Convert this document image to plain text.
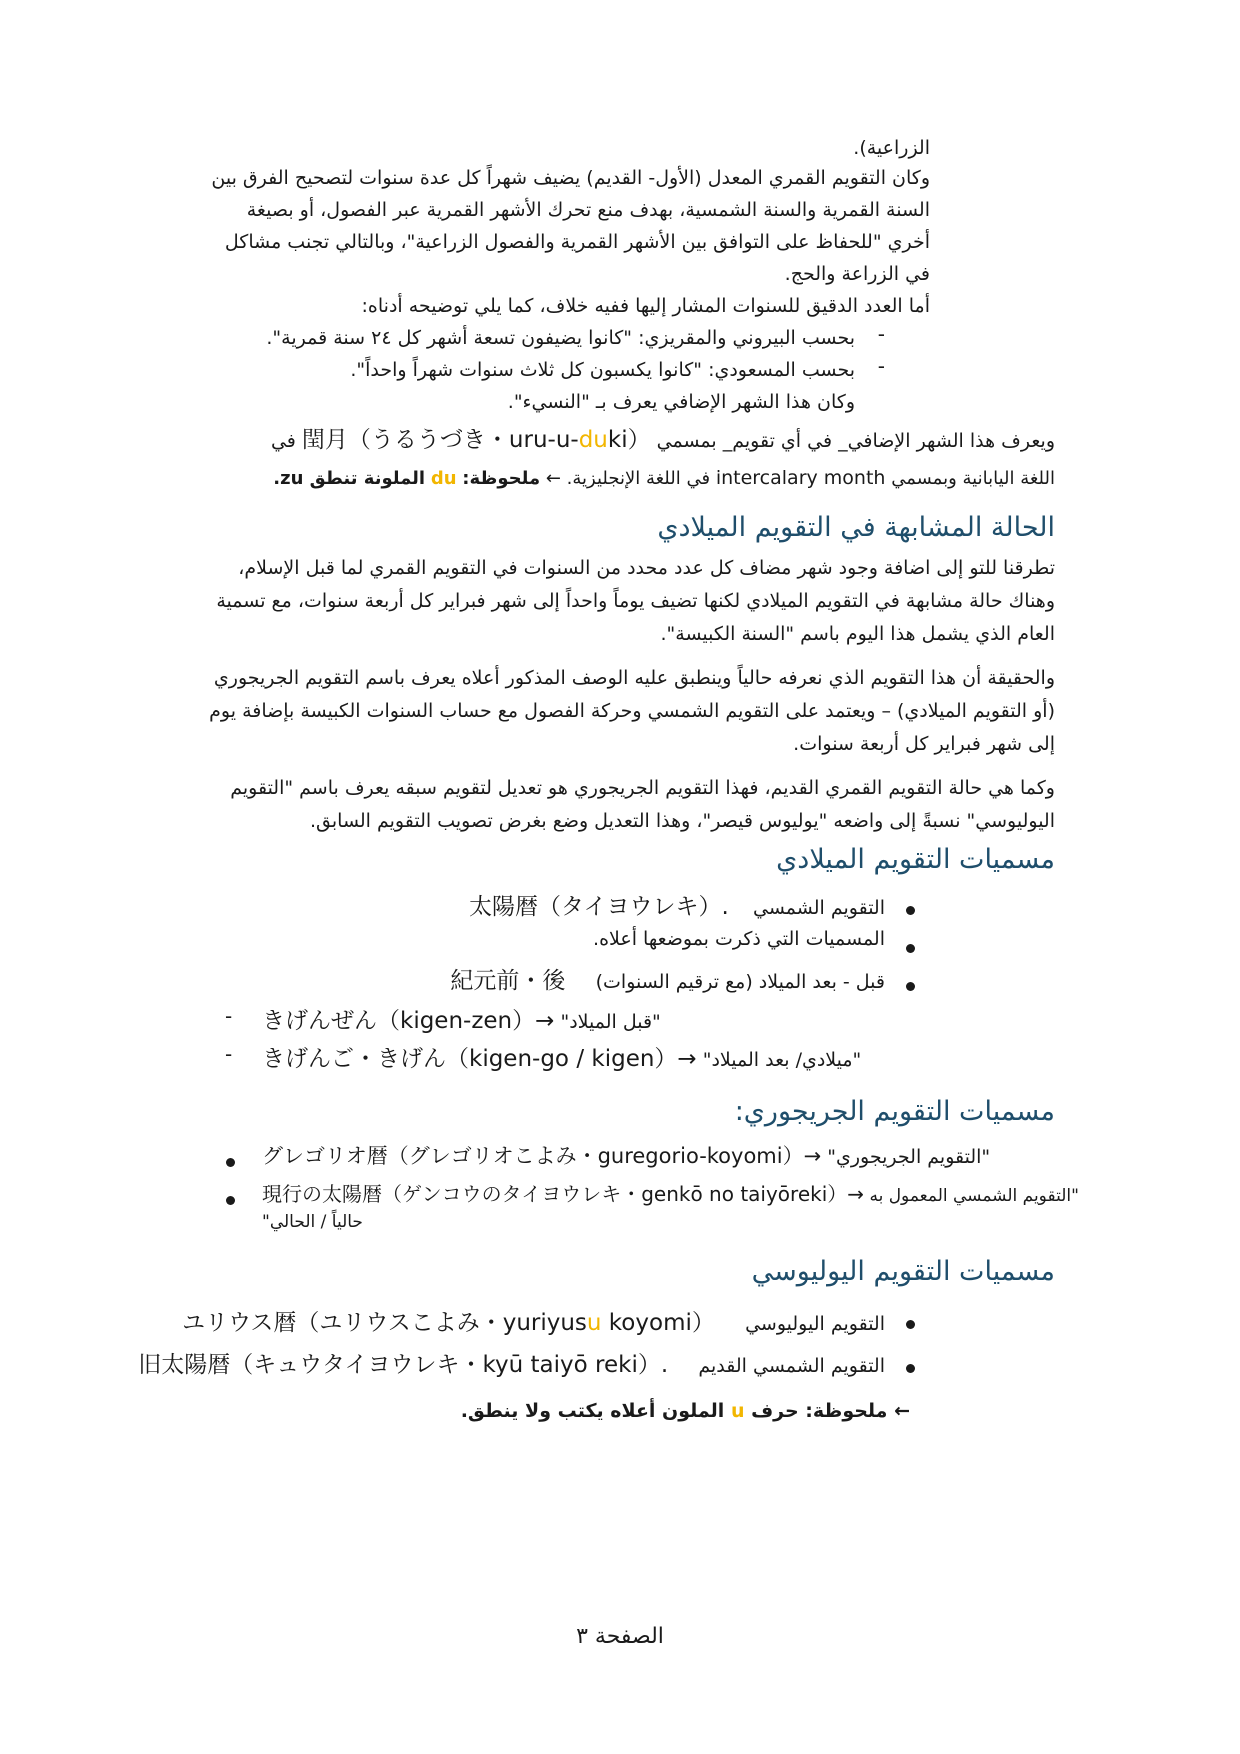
الزراعية).
وكان التقويم القمري المعدل (الأول- القديم) يضيف شهراً كل عدة سنوات لتصحيح الفرق بين
السنة القمرية والسنة الشمسية، بهدف منع تحرك الأشهر القمرية عبر الفصول، أو بصيغة
أخري "للحفاظ على التوافق بين الأشهر القمرية والفصول الزراعية"، وبالتالي تجنب مشاكل
في الزراعة والحج.
أما العدد الدقيق للسنوات المشار إليها ففيه خلاف، كما يلي توضيحه أدناه:
-
بحسب البيروني والمقريزي: "كانوا يضيفون تسعة أشهر كل ٢٤ سنة قمرية".
-
بحسب المسعودي: "كانوا يكسبون كل ثلاث سنوات شهراً واحداً".
وكان هذا الشهر الإضافي يعرف بـ "النسيء".
ويعرف هذا الشهر الإضافي_ في أي تقويم_ بمسمي 閏月（うるうづき・uru-u-duki） في
اللغة اليابانية وبمسمي intercalary month في اللغة الإنجليزية. ← ملحوظة: du الملونة تنطق zu.
الحالة المشابهة في التقويم الميلادي
تطرقنا للتو إلى اضافة وجود شهر مضاف كل عدد محدد من السنوات في التقويم القمري لما قبل الإسلام،
وهناك حالة مشابهة في التقويم الميلادي لكنها تضيف يوماً واحداً إلى شهر فبراير كل أربعة سنوات، مع تسمية
العام الذي يشمل هذا اليوم باسم "السنة الكبيسة".
والحقيقة أن هذا التقويم الذي نعرفه حالياً وينطبق عليه الوصف المذكور أعلاه يعرف باسم التقويم الجريجوري
(أو التقويم الميلادي) – ويعتمد على التقويم الشمسي وحركة الفصول مع حساب السنوات الكبيسة بإضافة يوم
إلى شهر فبراير كل أربعة سنوات.
وكما هي حالة التقويم القمري القديم، فهذا التقويم الجريجوري هو تعديل لتقويم سبقه يعرف باسم "التقويم
اليوليوسي" نسبةً إلى واضعه "يوليوس قيصر"، وهذا التعديل وضع بغرض تصويب التقويم السابق.
مسميات التقويم الميلادي
التقويم الشمسي    太陽暦（タイヨウレキ）.
المسميات التي ذكرت بموضعها أعلاه.
قبل - بعد الميلاد (مع ترقيم السنوات)     紀元前・後
- きげんぜん（kigen-zen）→ "قبل الميلاد"
- きげんご・きげん（kigen-go / kigen）→ "ميلادي/ بعد الميلاد"
مسميات التقويم الجريجوري:
グレゴリオ暦（グレゴリオこよみ・guregorio-koyomi）→ "التقويم الجريجوري"
現行の太陽暦（ゲンコウのタイヨウレキ・genkō no taiyōreki）→ "التقويم الشمسي المعمول به
حالياً / الحالي"
مسميات التقويم اليوليوسي
التقويم اليوليوسي     ユリウス暦（ユリウスこよみ・yuriyusu koyomi）
التقويم الشمسي القديم     旧太陽暦（キュウタイヨウレキ・kyū taiyō reki）.
← ملحوظة: حرف u الملون أعلاه يكتب ولا ينطق.
الصفحة ٣
